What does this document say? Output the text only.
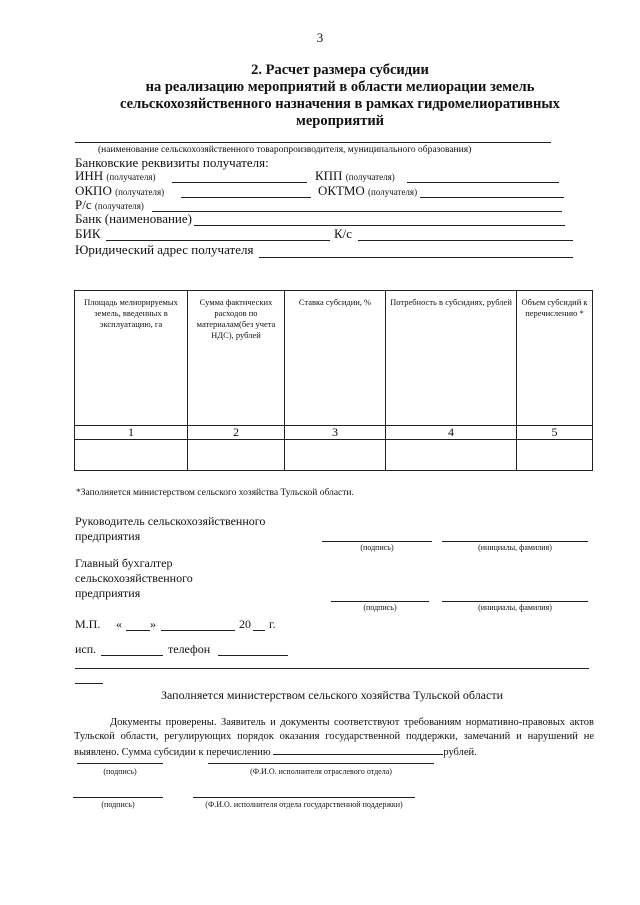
3
2. Расчет размера субсидии
на реализацию мероприятий в области мелиорации земель
сельскохозяйственного назначения в рамках гидромелиоративных
мероприятий
(наименование сельскохозяйственного товаропроизводителя, муниципального образования)
Банковские реквизиты получателя:
ИНН (получателя)	КПП (получателя)
ОКПО (получателя)	ОКТМО (получателя)
Р/с (получателя)
Банк (наименование)
БИК	К/с
Юридический адрес получателя
Площадь мелиорируемых земель, введенных в эксплуатацию, га	Сумма фактических расходов по материалам(без учета НДС), рублей	Ставка субсидии, %	Потребность в субсидиях, рублей	Объем субсидий к перечислению *
1	2	3	4	5

*Заполняется министерством сельского хозяйства Тульской области.
Руководитель сельскохозяйственного
предприятия
(подпись)	(инициалы, фамилия)
Главный бухгалтер
сельскохозяйственного
предприятия
(подпись)	(инициалы, фамилия)
М.П. « »	20 г.
исп.	телефон
Заполняется министерством сельского хозяйства Тульской области

Документы проверены. Заявитель и документы соответствуют требованиям нормативно-правовых актов Тульской области, регулирующих порядок оказания государственной поддержки, замечаний и нарушений не выявлено. Сумма субсидии к перечислению	рублей.

(подпись)	(Ф.И.О. исполнителя отраслевого отдела)
(подпись)	(Ф.И.О. исполнителя отдела государственной поддержки)
